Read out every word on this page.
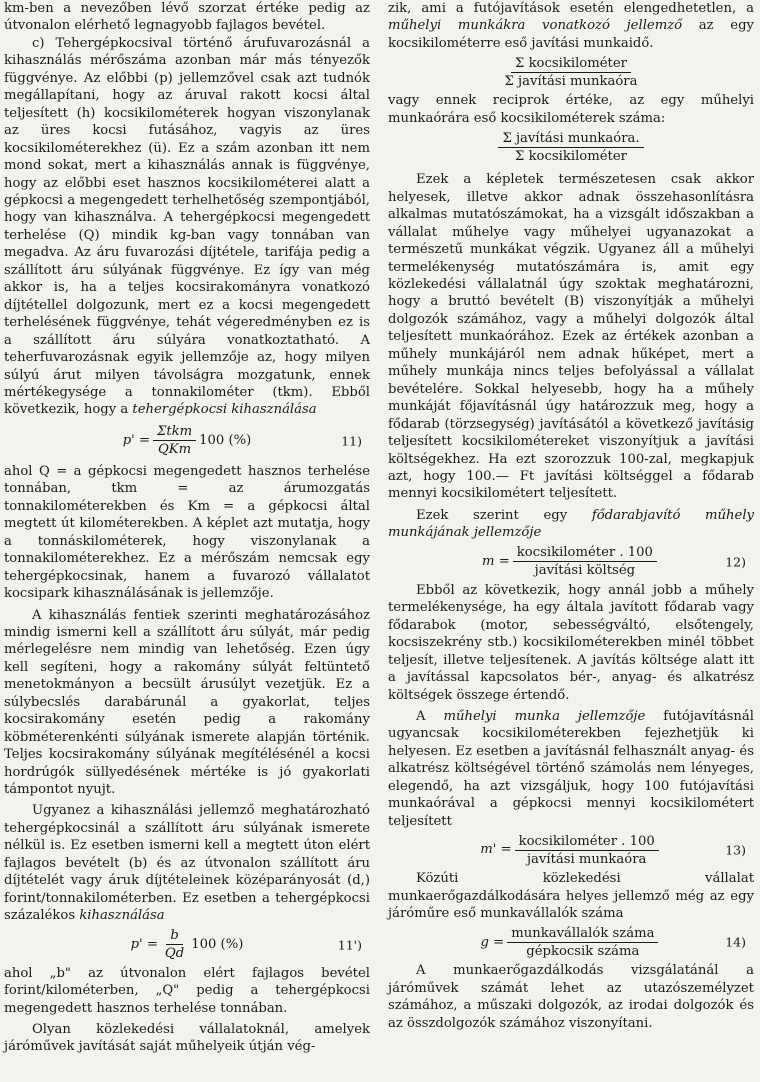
km-ben a nevezőben lévő szorzat értéke pedig az útvonalon elérhető legnagyobb fajlagos bevétel.

c) Tehergépkocsival történő árufuvarozásnál a kihasználás mérőszáma azonban már más tényezők függvénye. Az előbbi (p) jellemzővel csak azt tudnók megállapítani, hogy az áruval rakott kocsi által teljesített (h) kocsikilométerek hogyan viszonylanak az üres kocsi futásához, vagyis az üres kocsikilométerekhez (ü). Ez a szám azonban itt nem mond sokat, mert a kihasználás annak is függvénye, hogy az előbbi eset hasznos kocsikilométerei alatt a gépkocsi a megengedett terhelhetőség szempontjából, hogy van kihasználva. A tehergépkocsi megengedett terhelése (Q) mindik kg-ban vagy tonnában van megadva. Az áru fuvarozási díjtétele, tarifája pedig a szállított áru súlyának függvénye. Ez így van még akkor is, ha a teljes kocsirakományra vonatkozó díjtétellel dolgozunk, mert ez a kocsi megengedett terhelésének függvénye, tehát végeredményben ez is a szállított áru súlyára vonatkoztatható. A teherfuvarozásnak egyik jellemzője az, hogy milyen súlyú árut milyen távolságra mozgatunk, ennek mértékegysége a tonnakilométer (tkm). Ebből következik, hogy a tehergépkocsi kihasználása

$p' = \frac{\text{Σtkm}}{\text{QKm}} 100$ (%)	11)

ahol Q = a gépkocsi megengedett hasznos terhelése tonnában, tkm = az árumozgatás tonnakilométerekben és Km = a gépkocsi által megtett út kilométerekben. A képlet azt mutatja, hogy a tonnáskilométerek, hogy viszonylanak a tonnakilométerekhez. Ez a mérőszám nemcsak egy tehergépkocsinak, hanem a fuvarozó vállalatot kocsipark kihasználásának is jellemzője.

A kihasználás fentiek szerinti meghatározásához mindig ismerni kell a szállított áru súlyát, már pedig mérlegelésre nem mindig van lehetőség. Ezen úgy kell segíteni, hogy a rakomány súlyát feltüntető menetokmányon a becsült árusúlyt vezetjük. Ez a súlybecslés darabárunál a gyakorlat, teljes kocsirakomány esetén pedig a rakomány köbméterenkénti súlyának ismerete alapján történik. Teljes kocsirakomány súlyának megítélésénél a kocsi hordrúgók süllyedésének mértéke is jó gyakorlati támpontot nyujt.

Ugyanez a kihasználási jellemző meghatározható tehergépkocsinál a szállított áru súlyának ismerete nélkül is. Ez esetben ismerni kell a megtett úton elért fajlagos bevételt (b) és az útvonalon szállított áru díjtételét vagy áruk díjtételeinek középarányosát (d,) forint/tonnakilométerben. Ez esetben a tehergépkocsi százalékos kihasználása

$p' = \frac{b}{Qd} 100$ (%)	11')

ahol „b" az útvonalon elért fajlagos bevétel forint/kilométerben, „Q" pedig a tehergépkocsi megengedett hasznos terhelése tonnában.

Olyan közlekedési vállalatoknál, amelyek járóművek javítását saját műhelyeik útján vég-

zik, ami a futójavítások esetén elengedhetetlen, a műhelyi munkákra vonatkozó jellemző az egy kocsikilométerre eső javítási munkaidő.

$\frac{\text{Σ kocsikilométer}}{\text{Σ javítási munkaóra}}$

vagy ennek reciprok értéke, az egy műhelyi munkaórára eső kocsikilométerek száma:

$\frac{\text{Σ javítási munkaóra.}}{\text{Σ kocsikilométer}}$

Ezek a képletek természetesen csak akkor helyesek, illetve akkor adnak összehasonlításra alkalmas mutatószámokat, ha a vizsgált időszakban a vállalat műhelye vagy műhelyei ugyanazokat a természetű munkákat végzik. Ugyanez áll a műhelyi termelékenység mutatószámára is, amit egy közlekedési vállalatnál úgy szoktak meghatározni, hogy a bruttó bevételt (B) viszonyítják a műhelyi dolgozók számához, vagy a műhelyi dolgozók által teljesített munkaórához. Ezek az értékek azonban a műhely munkájáról nem adnak hűképet, mert a műhely munkája nincs teljes befolyással a vállalat bevételére. Sokkal helyesebb, hogy ha a műhely munkáját főjavításnál úgy határozzuk meg, hogy a fődarab (törzsegység) javításától a következő javításig teljesített kocsikilométereket viszonyítjuk a javítási költségekhez. Ha ezt szorozzuk 100-zal, megkapjuk azt, hogy 100.— Ft javítási költséggel a fődarab mennyi kocsikilométert teljesített.

Ezek szerint egy fődarabjavító műhely munkájának jellemzője

$m = \frac{\text{kocsikilométer . 100}}{\text{javítási költség}}$	12)

Ebből az következik, hogy annál jobb a műhely termelékenysége, ha egy általa javított fődarab vagy fődarabok (motor, sebességváltó, elsőtengely, kocsiszekrény stb.) kocsikilométerekben minél többet teljesít, illetve teljesítenek. A javítás költsége alatt itt a javítással kapcsolatos bér-, anyag- és alkatrész költségek összege értendő.

A műhelyi munka jellemzője futójavításnál ugyancsak kocsikilométerekben fejezhetjük ki helyesen. Ez esetben a javításnál felhasznált anyag- és alkatrész költségével történő számolás nem lényeges, elegendő, ha azt vizsgáljuk, hogy 100 futójavítási munkaórával a gépkocsi mennyi kocsikilométert teljesített

$m' = \frac{\text{kocsikilométer . 100}}{\text{javítási munkaóra}}$	13)

Közúti közlekedési vállalat munkaerőgazdálkodására helyes jellemző még az egy járóműre eső munkavállalók száma

$g = \frac{\text{munkavállalók száma}}{\text{gépkocsik száma}}$	14)

A munkaerőgazdálkodás vizsgálatánál a járóművek számát lehet az utazószemélyzet számához, a műszaki dolgozók, az irodai dolgozók és az összdolgozók számához viszonyítani.
